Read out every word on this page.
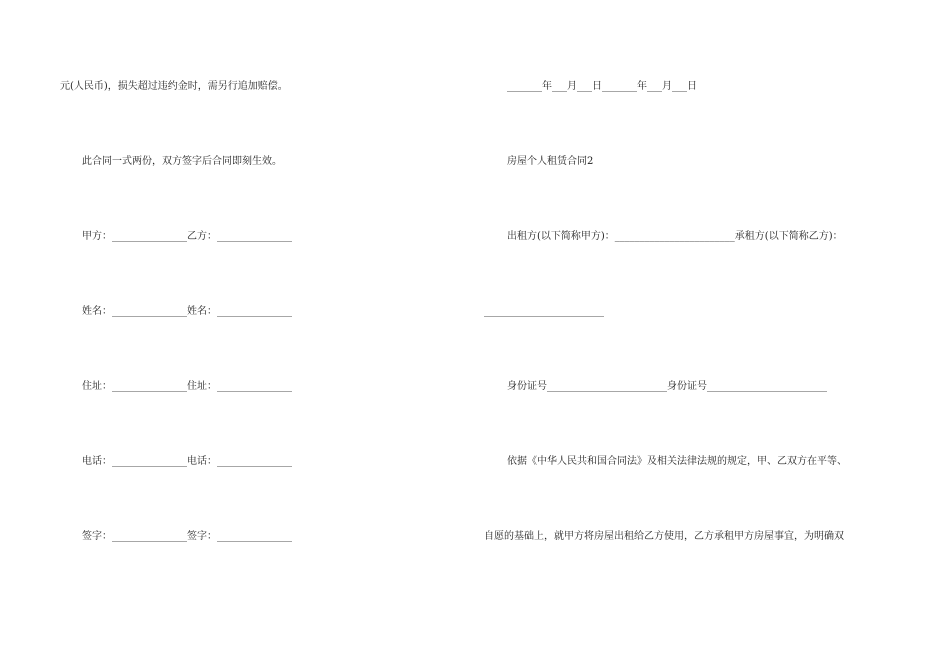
元(人民币)，损失超过违约金时，需另行追加赔偿。
此合同一式两份，双方签字后合同即刻生效。
甲方：_______________乙方：_______________
姓名：_______________姓名：_______________
住址：_______________住址：_______________
电话：_______________电话：_______________
签字：_______________签字：_______________
_______年___月___日_______年___月___日
房屋个人租赁合同2
出租方(以下简称甲方)：________________________承租方(以下简称乙方)：
________________________
身份证号________________________身份证号________________________
依据《中华人民共和国合同法》及相关法律法规的规定，甲、乙双方在平等、
自愿的基础上，就甲方将房屋出租给乙方使用，乙方承租甲方房屋事宜，为明确双
